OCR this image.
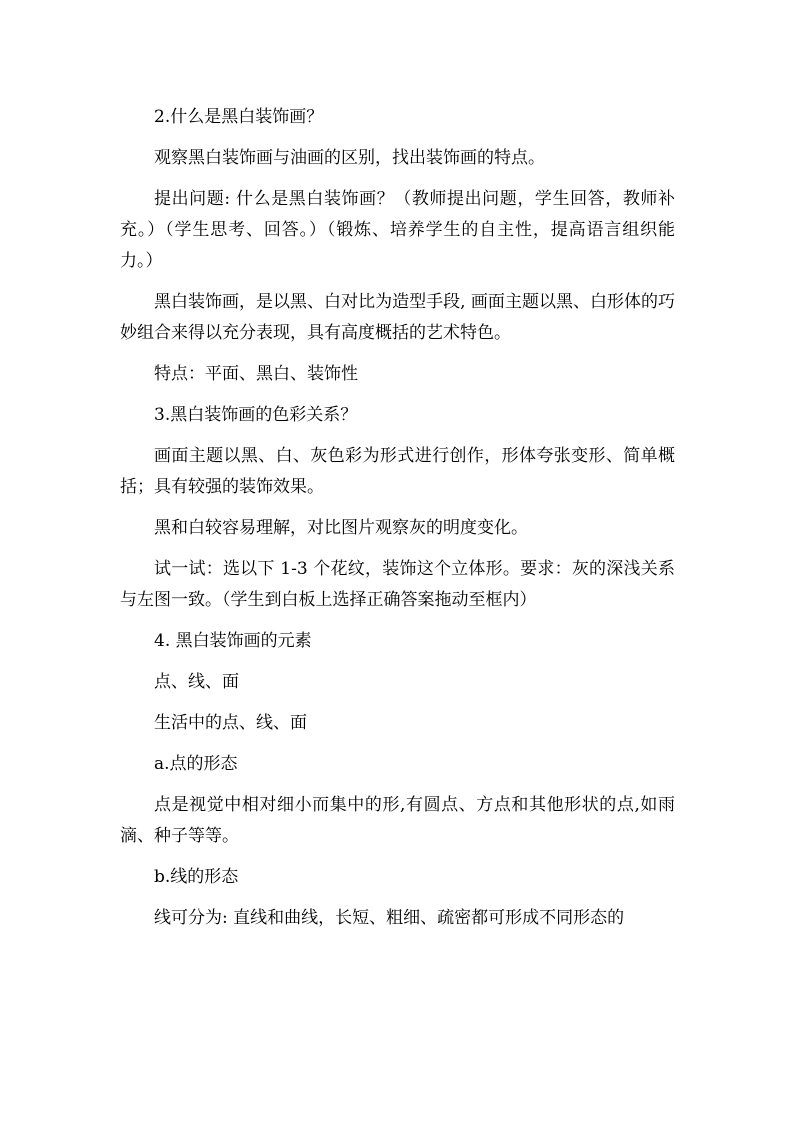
2.什么是黑白装饰画？

观察黑白装饰画与油画的区别，找出装饰画的特点。

提出问题: 什么是黑白装饰画？（教师提出问题，学生回答，教师补充。）（学生思考、回答。）（锻炼、培养学生的自主性，提高语言组织能力。）

黑白装饰画，是以黑、白对比为造型手段, 画面主题以黑、白形体的巧妙组合来得以充分表现，具有高度概括的艺术特色。

特点：平面、黑白、装饰性

3.黑白装饰画的色彩关系？

画面主题以黑、白、灰色彩为形式进行创作，形体夸张变形、简单概括；具有较强的装饰效果。

黑和白较容易理解，对比图片观察灰的明度变化。

试一试：选以下 1-3 个花纹，装饰这个立体形。要求：灰的深浅关系与左图一致。（学生到白板上选择正确答案拖动至框内）

4. 黑白装饰画的元素

点、线、面

生活中的点、线、面

a.点的形态

点是视觉中相对细小而集中的形,有圆点、方点和其他形状的点,如雨滴、种子等等。

b.线的形态

线可分为: 直线和曲线，长短、粗细、疏密都可形成不同形态的
